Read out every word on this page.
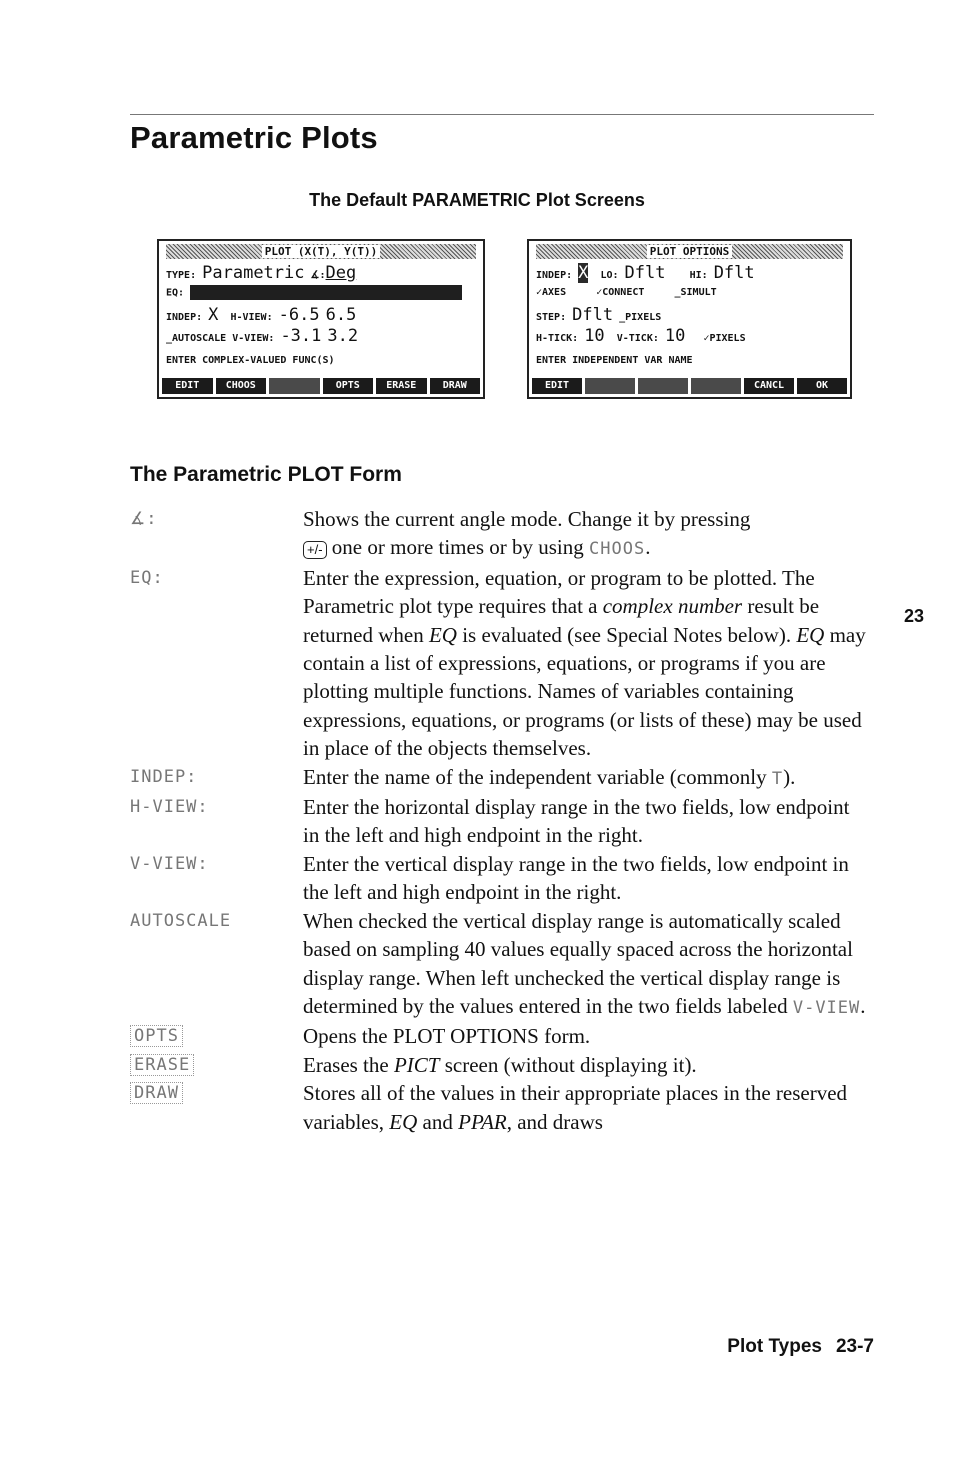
Parametric Plots
The Default PARAMETRIC Plot Screens
23
PLOT (X(T), Y(T))
TYPE: Parametric ∡:Deg
EQ:
INDEP: X H-VIEW: -6.5 6.5
_AUTOSCALE V-VIEW: -3.1 3.2
ENTER COMPLEX-VALUED FUNC(S)
EDIT	CHOOS	OPTS	ERASE	DRAW
PLOT OPTIONS
INDEP: X LO: Dflt HI: Dflt
✓AXES	✓CONNECT	_SIMULT
STEP: Dflt _PIXELS
H-TICK: 10 V-TICK: 10 ✓PIXELS
ENTER INDEPENDENT VAR NAME
EDIT	CANCL	OK
The Parametric PLOT Form
∡:	Shows the current angle mode. Change it by pressing
+/- one or more times or by using CHOOS.
EQ:	Enter the expression, equation, or program to be plotted. The Parametric plot type requires that a complex number result be returned when EQ is evaluated (see Special Notes below). EQ may contain a list of expressions, equations, or programs if you are plotting multiple functions. Names of variables containing expressions, equations, or programs (or lists of these) may be used in place of the objects themselves.
INDEP:	Enter the name of the independent variable (commonly T).
H-VIEW:	Enter the horizontal display range in the two fields, low endpoint in the left and high endpoint in the right.
V-VIEW:	Enter the vertical display range in the two fields, low endpoint in the left and high endpoint in the right.
AUTOSCALE	When checked the vertical display range is automatically scaled based on sampling 40 values equally spaced across the horizontal display range. When left unchecked the vertical display range is determined by the values entered in the two fields labeled V-VIEW.
OPTS	Opens the PLOT OPTIONS form.
ERASE	Erases the PICT screen (without displaying it).
DRAW	Stores all of the values in their appropriate places in the reserved variables, EQ and PPAR, and draws
Plot Types 23-7
